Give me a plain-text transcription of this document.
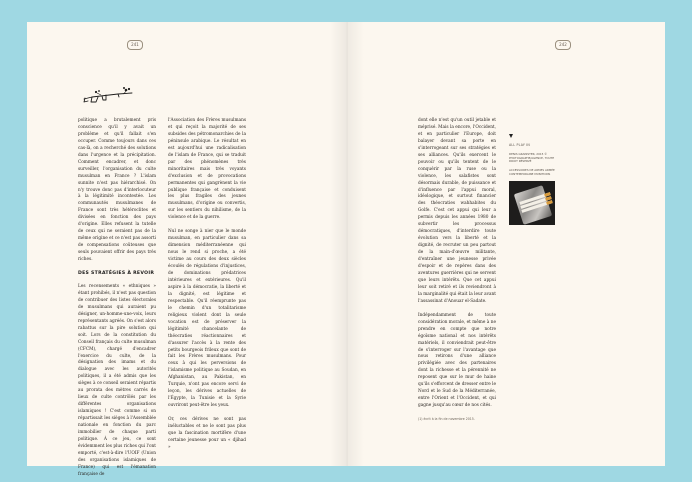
241	242

politique a brutalement pris conscience qu'il y avait un problème et qu'il fallait s'en occuper. Comme toujours dans ces cas-là, on a recherché des solutions dans l'urgence et la précipitation. Comment encadrer, et donc surveiller, l'organisation du culte musulman en France ? L'islam sunnite n'est pas hiérarchisé. On n'y trouve donc pas d'interlocuteur à la légitimité incontestée. Les communautés musulmanes de France sont très hétéroclites et divisées en fonction des pays d'origine. Elles refusent la tutelle de ceux qui ne seraient pas de la même origine et ce n'est pas assorti de compensations coûteuses que seuls pouvaient offrir des pays très riches.

DES STRATÉGIES À REVOIR

Les recensements « ethniques » étant prohibés, il n'est pas question de contribuer des listes électorales de musulmans qui auraient pu désigner, un-homme-une-voix, leurs représentants agréés. On s'est alors rabattus sur la pire solution qui soit. Lors de la constitution du Conseil français du culte musulman (CFCM), chargé d'encadrer l'exercice du culte, de la désignation des imams et du dialogue avec les autorités politiques, il a été admis que les sièges à ce conseil seraient répartis au prorata des mètres carrés de lieux de culte contrôlés par les différentes organisations islamiques ! C'est comme si on répartissait les sièges à l'Assemblée nationale en fonction du parc immobilier de chaque parti politique. À ce jeu, ce sont évidemment les plus riches qui l'ont emporté, c'est-à-dire l'UOIF (Union des organisations islamiques de France) qui est l'émanation française de

l'Association des Frères musulmans et qui reçoit la majorité de ses subsides des pétromonarchies de la péninsule arabique. Le résultat en est aujourd'hui une radicalisation de l'islam de France, qui se traduit par des phénomènes très minoritaires mais très voyants d'exclusion et de provocations permanentes qui gangrènent la vie publique française et conduisent les plus fragiles des jeunes musulmans, d'origine ou convertis, sur les sentiers du nihilisme, de la violence et de la guerre.

Nul ne songe à nier que le monde musulman, en particulier dans sa dimension méditerranéenne qui nous le rend si proche, a été victime au cours des deux siècles écoulés de régulations d'injustices, de dominations prédatrices intérieures et extérieures. Qu'il aspire à la démocratie, la liberté et la dignité, est légitime et respectable. Qu'il réemprunte pas le chemin d'un totalitarisme religieux violent dont la seule vocation est de préserver la légitimité chancelante de théocraties réactionnaires et d'assurer l'accès à la rente des petits bourgeois frileux que sont de fait les Frères musulmans. Pour ceux à qui les perversions de l'islamisme politique au Soudan, en Afghanistan, au Pakistan, en Turquie, n'ont pas encore servi de leçon, les dérives actuelles de l'Égypte, la Tunisie et la Syrie ouvriront peut-être les yeux.

Or, ces dérives ne sont pas inéluctables et ne le sont pas plus que la fascination mortifère d'une certaine jeunesse pour un « djihad »

dont elle n'est qu'un outil jetable et méprisé. Mais la encore, l'Occident, et en particulier l'Europe, doit balayer devant sa porte en s'interrogeant sur ses stratégies et ses alliances. Qu'ils exercent le pouvoir ou qu'ils tentent de le conquérir par la ruse ou la violence, les salafistes sont désormais durable, de puissance et d'influence par l'appui moral, idéologique, et surtout financier des théocraties wahhabites du Golfe. C'est cet appui qui leur a permis depuis les années 1980 de subvertir les processus démocratiques, d'interdire toute évolution vers la liberté et la dignité, de recruter un peu partout de la main-d'œuvre militante, d'entraîner une jeunesse privée d'espoir et de repères dans des aventures guerrières qui ne servent que leurs intérêts. Que cet appui leur soit retiré et ils reviendront à la marginalité qui était la leur avant l'assassinat d'Anouar el-Sadate.

Indépendamment de toute considération morale, et même à ne prendre en compte que notre égoïsme national et nos intérêts matériels, il conviendrait peut-être de s'interroger sur l'avantage que nous retirons d'une alliance privilégiée avec des partenaires dont la richesse et la pérennité ne reposent que sur le mur de haine qu'ils s'efforcent de dresser entre le Nord et le Sud de la Méditerranée, entre l'Orient et l'Occident, et qui gagne jusqu'au cœur de nos cités.

(1) écrit à la fin de novembre 2015.
ALL PLAY IN
DENIS GRAINSTER, 2015 © PHOTOGRAPHE/AGENCE, TOUTE DROIT RÉSERVÉ
ACCESSOIRES DE ARMES ARMÉE CONTEMPORAINE MUNITIONS
